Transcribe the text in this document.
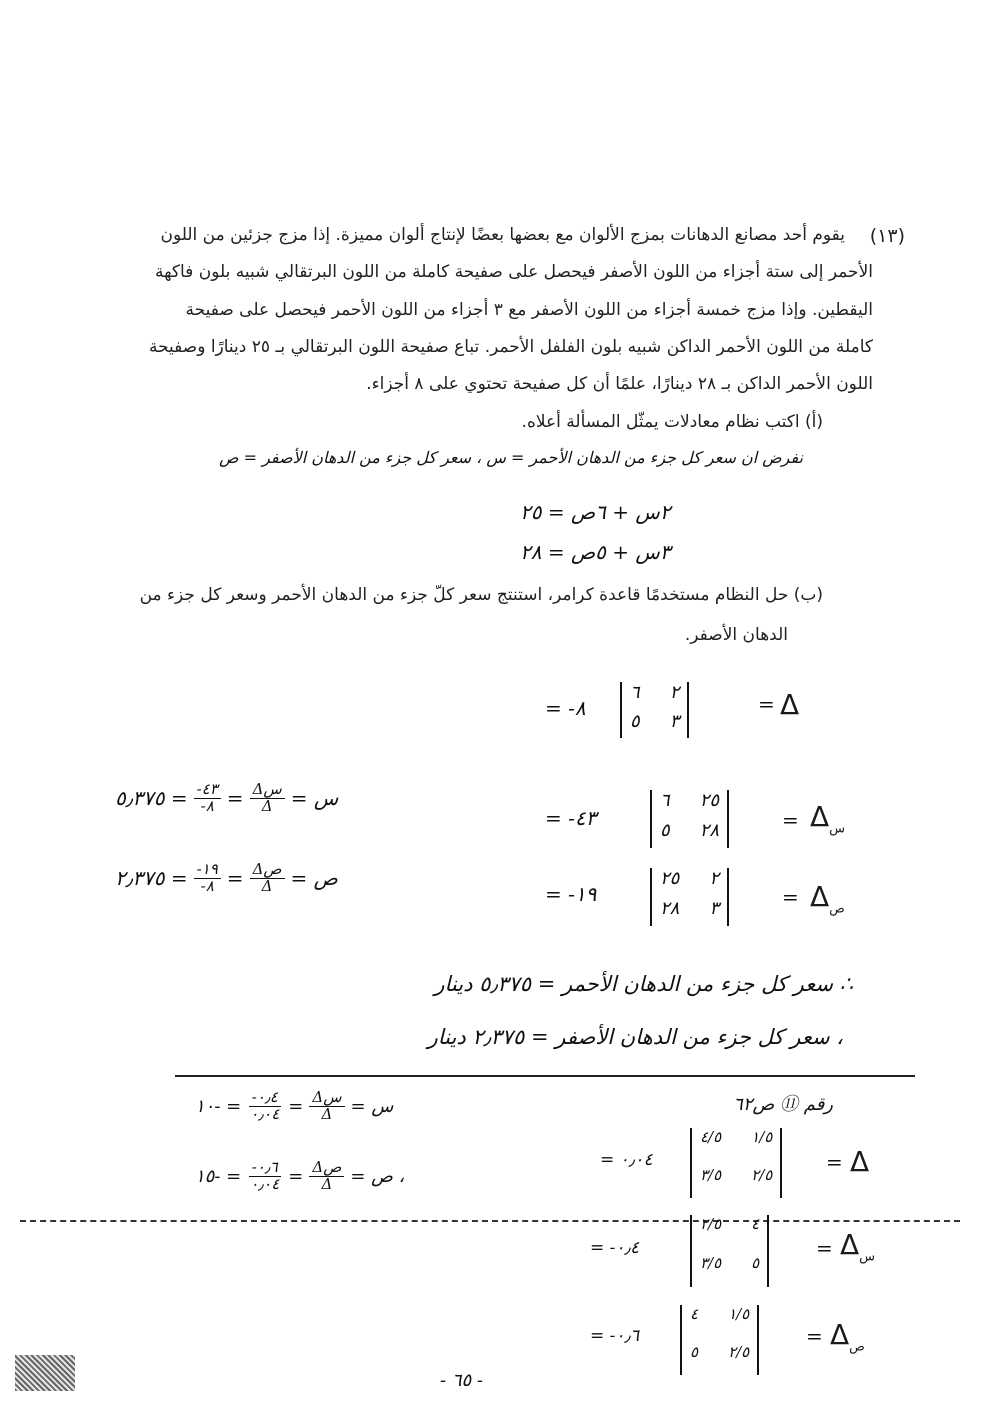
(١٣)
يقوم أحد مصانع الدهانات بمزج الألوان مع بعضها بعضًا لإنتاج ألوان مميزة. إذا مزج جزئين من اللون
الأحمر إلى ستة أجزاء من اللون الأصفر فيحصل على صفيحة كاملة من اللون البرتقالي شبيه بلون فاكهة
اليقطين. وإذا مزج خمسة أجزاء من اللون الأصفر مع ٣ أجزاء من اللون الأحمر فيحصل على صفيحة
كاملة من اللون الأحمر الداكن شبيه بلون الفلفل الأحمر. تباع صفيحة اللون البرتقالي بـ ٢٥ دينارًا وصفيحة
اللون الأحمر الداكن بـ ٢٨ دينارًا، علمًا أن كل صفيحة تحتوي على ٨ أجزاء.
(أ) اكتب نظام معادلات يمثّل المسألة أعلاه.
نفرض ان سعر كل جزء من الدهان الأحمر = س ، سعر كل جزء من الدهان الأصفر = ص
٢س + ٦ص = ٢٥
٣س + ٥ص = ٢٨
(ب) حل النظام مستخدمًا قاعدة كرامر، استنتج سعر كلّ جزء من الدهان الأحمر وسعر كل جزء من
الدهان الأصفر.
Δ
=
٢
٦
٣
٥
= -٨
$\Delta_س$
=
٢٥
٦
٢٨
٥
= -٤٣
= ٥٫٣٧٥ $\frac{-٤٣}{-٨} = \frac{\text{Δس}}{\Delta}$ س =
$\Delta_ص$
=
٢
٢٥
٣
٢٨
= -١٩
= ٢٫٣٧٥ $\frac{-١٩}{-٨} = \frac{\text{Δص}}{\Delta}$ ص =
∴ سعر كل جزء من الدهان الأحمر = ٥٫٣٧٥ دينار
، سعر كل جزء من الدهان الأصفر = ٢٫٣٧٥ دينار
رقم ⑪ ص٦٢
Δ
=
١/٥
٤/٥
٢/٥
٣/٥
= ٠٫٠٤
= -١٠ $\frac{-٠٫٤}{٠٫٠٤} = \frac{\text{Δس}}{\Delta}$ س =
= -١٥ $\frac{-٠٫٦}{٠٫٠٤} = \frac{\text{Δص}}{\Delta}$ ، ص =
$\Delta_س$
=
٤
٢/٥
٥
٣/٥
= -٠٫٤
$\Delta_ص$
=
١/٥
٤
٢/٥
٥
= -٠٫٦
- ٦٥ -
